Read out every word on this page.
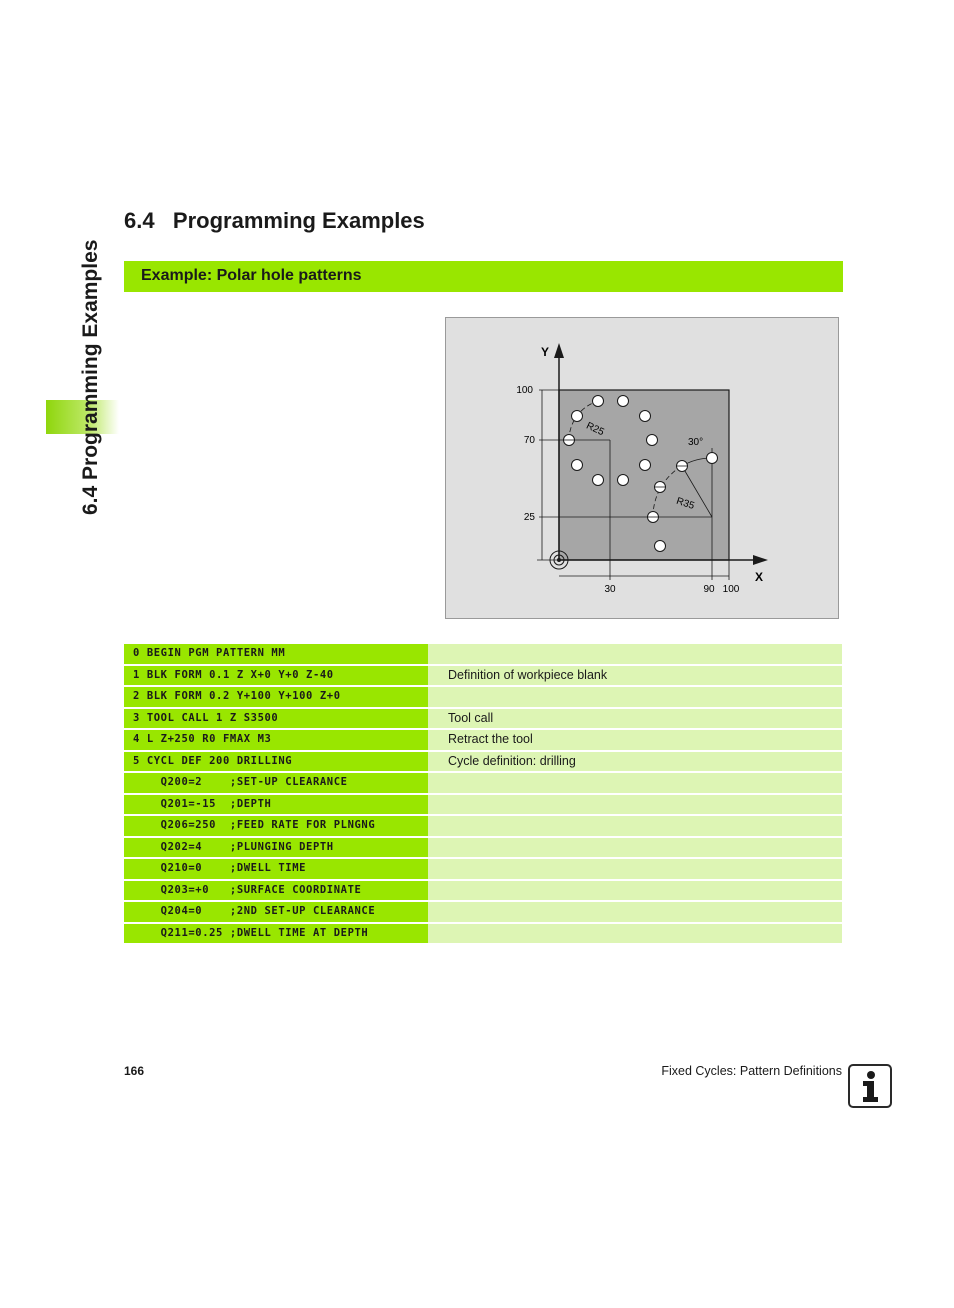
6.4 Programming Examples
6.4   Programming Examples
Example: Polar hole patterns
Y
X
100
70
25
30	90 100
R25
R35
30°
0 BEGIN PGM PATTERN MM
1 BLK FORM 0.1 Z X+0 Y+0 Z-40	Definition of workpiece blank
2 BLK FORM 0.2 Y+100 Y+100 Z+0
3 TOOL CALL 1 Z S3500	Tool call
4 L Z+250 R0 FMAX M3	Retract the tool
5 CYCL DEF 200 DRILLING	Cycle definition: drilling
Q200=2    ;SET-UP CLEARANCE
Q201=-15  ;DEPTH
Q206=250  ;FEED RATE FOR PLNGNG
Q202=4    ;PLUNGING DEPTH
Q210=0    ;DWELL TIME
Q203=+0   ;SURFACE COORDINATE
Q204=0    ;2ND SET-UP CLEARANCE
Q211=0.25 ;DWELL TIME AT DEPTH
166	Fixed Cycles: Pattern Definitions
